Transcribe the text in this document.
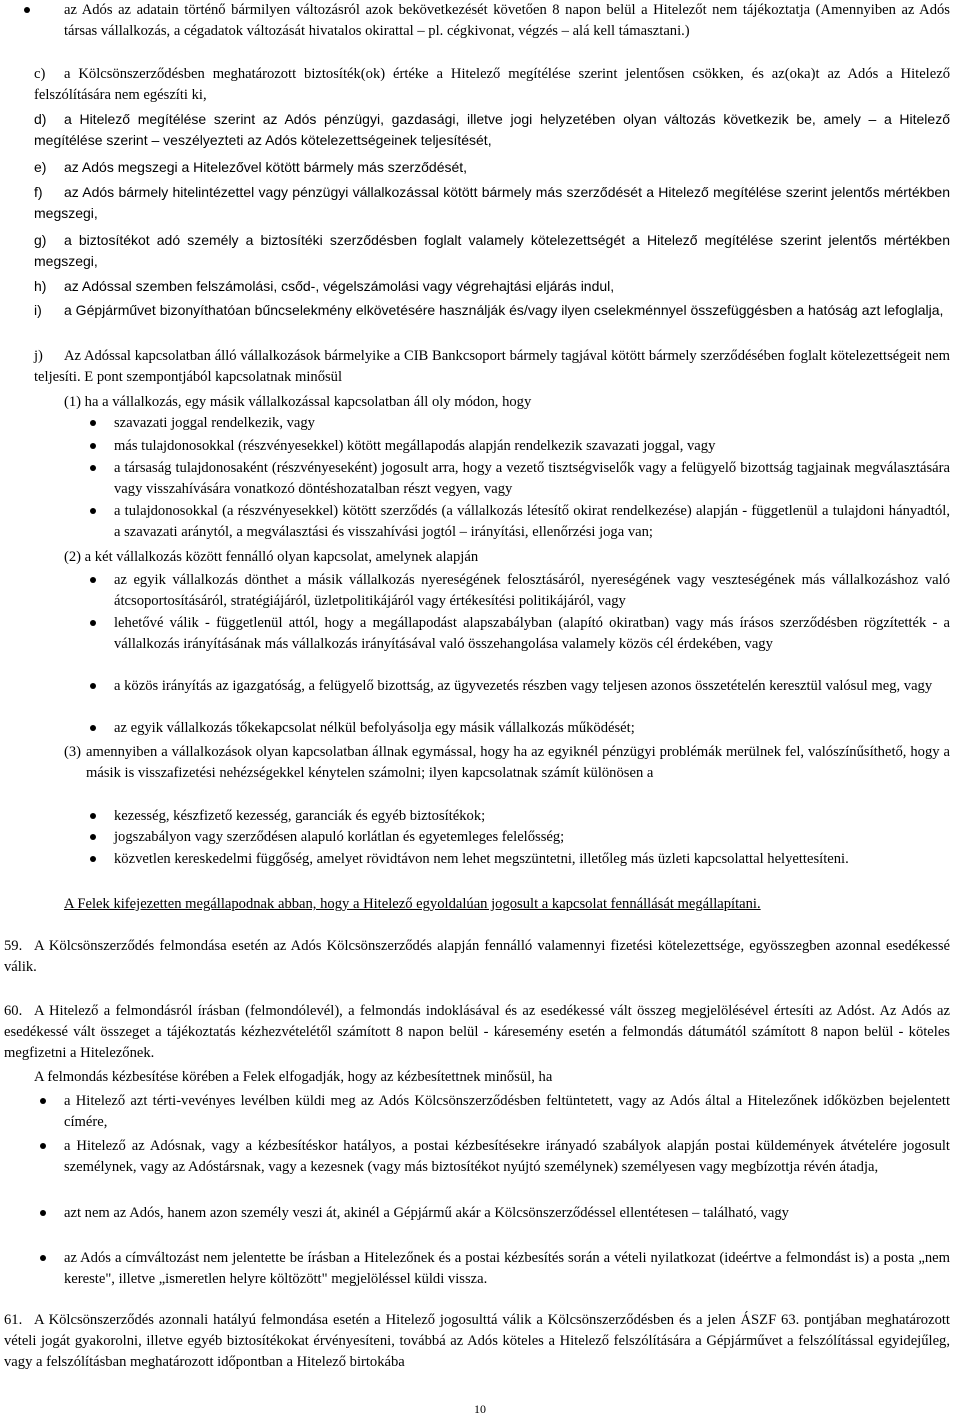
az Adós az adatain történő bármilyen változásról azok bekövetkezését követően 8 napon belül a Hitelezőt nem tájékoztatja (Amennyiben az Adós társas vállalkozás, a cégadatok változását hivatalos okirattal – pl. cégkivonat, végzés – alá kell támasztani.)

c)	a Kölcsönszerződésben meghatározott biztosíték(ok) értéke a Hitelező megítélése szerint jelentősen csökken, és az(oka)t az Adós a Hitelező felszólítására nem egészíti ki,

d)	a Hitelező megítélése szerint az Adós pénzügyi, gazdasági, illetve jogi helyzetében olyan változás következik be, amely – a Hitelező megítélése szerint – veszélyezteti az Adós kötelezettségeinek teljesítését,

e)	az Adós megszegi a Hitelezővel kötött bármely más szerződését,

f)	az Adós bármely hitelintézettel vagy pénzügyi vállalkozással kötött bármely más szerződését a Hitelező megítélése szerint jelentős mértékben megszegi,

g)	a biztosítékot adó személy a biztosítéki szerződésben foglalt valamely kötelezettségét a Hitelező megítélése szerint jelentős mértékben megszegi,

h)	az Adóssal szemben felszámolási, csőd-, végelszámolási vagy végrehajtási eljárás indul,

i)	a Gépjárművet bizonyíthatóan bűncselekmény elkövetésére használják és/vagy ilyen cselekménnyel összefüggésben a hatóság azt lefoglalja,

j)	Az Adóssal kapcsolatban álló vállalkozások bármelyike a CIB Bankcsoport bármely tagjával kötött bármely szerződésében foglalt kötelezettségeit nem teljesíti. E pont szempontjából kapcsolatnak minősül

(1) ha a vállalkozás, egy másik vállalkozással kapcsolatban áll oly módon, hogy

szavazati joggal rendelkezik, vagy

más tulajdonosokkal (részvényesekkel) kötött megállapodás alapján rendelkezik szavazati joggal, vagy

a társaság tulajdonosaként (részvényeseként) jogosult arra, hogy a vezető tisztségviselők vagy a felügyelő bizottság tagjainak megválasztására vagy visszahívására vonatkozó döntéshozatalban részt vegyen, vagy

a tulajdonosokkal (a részvényesekkel) kötött szerződés (a vállalkozás létesítő okirat rendelkezése) alapján - függetlenül a tulajdoni hányadtól, a szavazati aránytól, a megválasztási és visszahívási jogtól – irányítási, ellenőrzési joga van;

(2) a két vállalkozás között fennálló olyan kapcsolat, amelynek alapján

az egyik vállalkozás dönthet a másik vállalkozás nyereségének felosztásáról, nyereségének vagy veszteségének más vállalkozáshoz való átcsoportosításáról, stratégiájáról, üzletpolitikájáról vagy értékesítési politikájáról, vagy

lehetővé válik - függetlenül attól, hogy a megállapodást alapszabályban (alapító okiratban) vagy más írásos szerződésben rögzítették - a vállalkozás irányításának más vállalkozás irányításával való összehangolása valamely közös cél érdekében, vagy

a közös irányítás az igazgatóság, a felügyelő bizottság, az ügyvezetés részben vagy teljesen azonos összetételén keresztül valósul meg, vagy

az egyik vállalkozás tőkekapcsolat nélkül befolyásolja egy másik vállalkozás működését;

(3) amennyiben a vállalkozások olyan kapcsolatban állnak egymással, hogy ha az egyiknél pénzügyi problémák merülnek fel, valószínűsíthető, hogy a másik is visszafizetési nehézségekkel kénytelen számolni; ilyen kapcsolatnak számít különösen a

kezesség, készfizető kezesség, garanciák és egyéb biztosítékok;

jogszabályon vagy szerződésen alapuló korlátlan és egyetemleges felelősség;

közvetlen kereskedelmi függőség, amelyet rövidtávon nem lehet megszüntetni, illetőleg más üzleti kapcsolattal helyettesíteni.

A Felek kifejezetten megállapodnak abban, hogy a Hitelező egyoldalúan jogosult a kapcsolat fennállását megállapítani.

59. A Kölcsönszerződés felmondása esetén az Adós Kölcsönszerződés alapján fennálló valamennyi fizetési kötelezettsége, egyösszegben azonnal esedékessé válik.

60. A Hitelező a felmondásról írásban (felmondólevél), a felmondás indoklásával és az esedékessé vált összeg megjelölésével értesíti az Adóst. Az Adós az esedékessé vált összeget a tájékoztatás kézhezvételétől számított 8 napon belül - káresemény esetén a felmondás dátumától számított 8 napon belül - köteles megfizetni a Hitelezőnek.

A felmondás kézbesítése körében a Felek elfogadják, hogy az kézbesítettnek minősül, ha

a Hitelező azt térti-vevényes levélben küldi meg az Adós Kölcsönszerződésben feltüntetett, vagy az Adós által a Hitelezőnek időközben bejelentett címére,

a Hitelező az Adósnak, vagy a kézbesítéskor hatályos, a postai kézbesítésekre irányadó szabályok alapján postai küldemények átvételére jogosult személynek, vagy az Adóstársnak, vagy a kezesnek (vagy más biztosítékot nyújtó személynek) személyesen vagy megbízottja révén átadja,

azt nem az Adós, hanem azon személy veszi át, akinél a Gépjármű akár a Kölcsönszerződéssel ellentétesen – található, vagy

az Adós a címváltozást nem jelentette be írásban a Hitelezőnek és a postai kézbesítés során a vételi nyilatkozat (ideértve a felmondást is) a posta „nem kereste", illetve „ismeretlen helyre költözött" megjelöléssel küldi vissza.

61. A Kölcsönszerződés azonnali hatályú felmondása esetén a Hitelező jogosulttá válik a Kölcsönszerződésben és a jelen ÁSZF 63. pontjában meghatározott vételi jogát gyakorolni, illetve egyéb biztosítékokat érvényesíteni, továbbá az Adós köteles a Hitelező felszólítására a Gépjárművet a felszólítással egyidejűleg, vagy a felszólításban meghatározott időpontban a Hitelező birtokába

10
